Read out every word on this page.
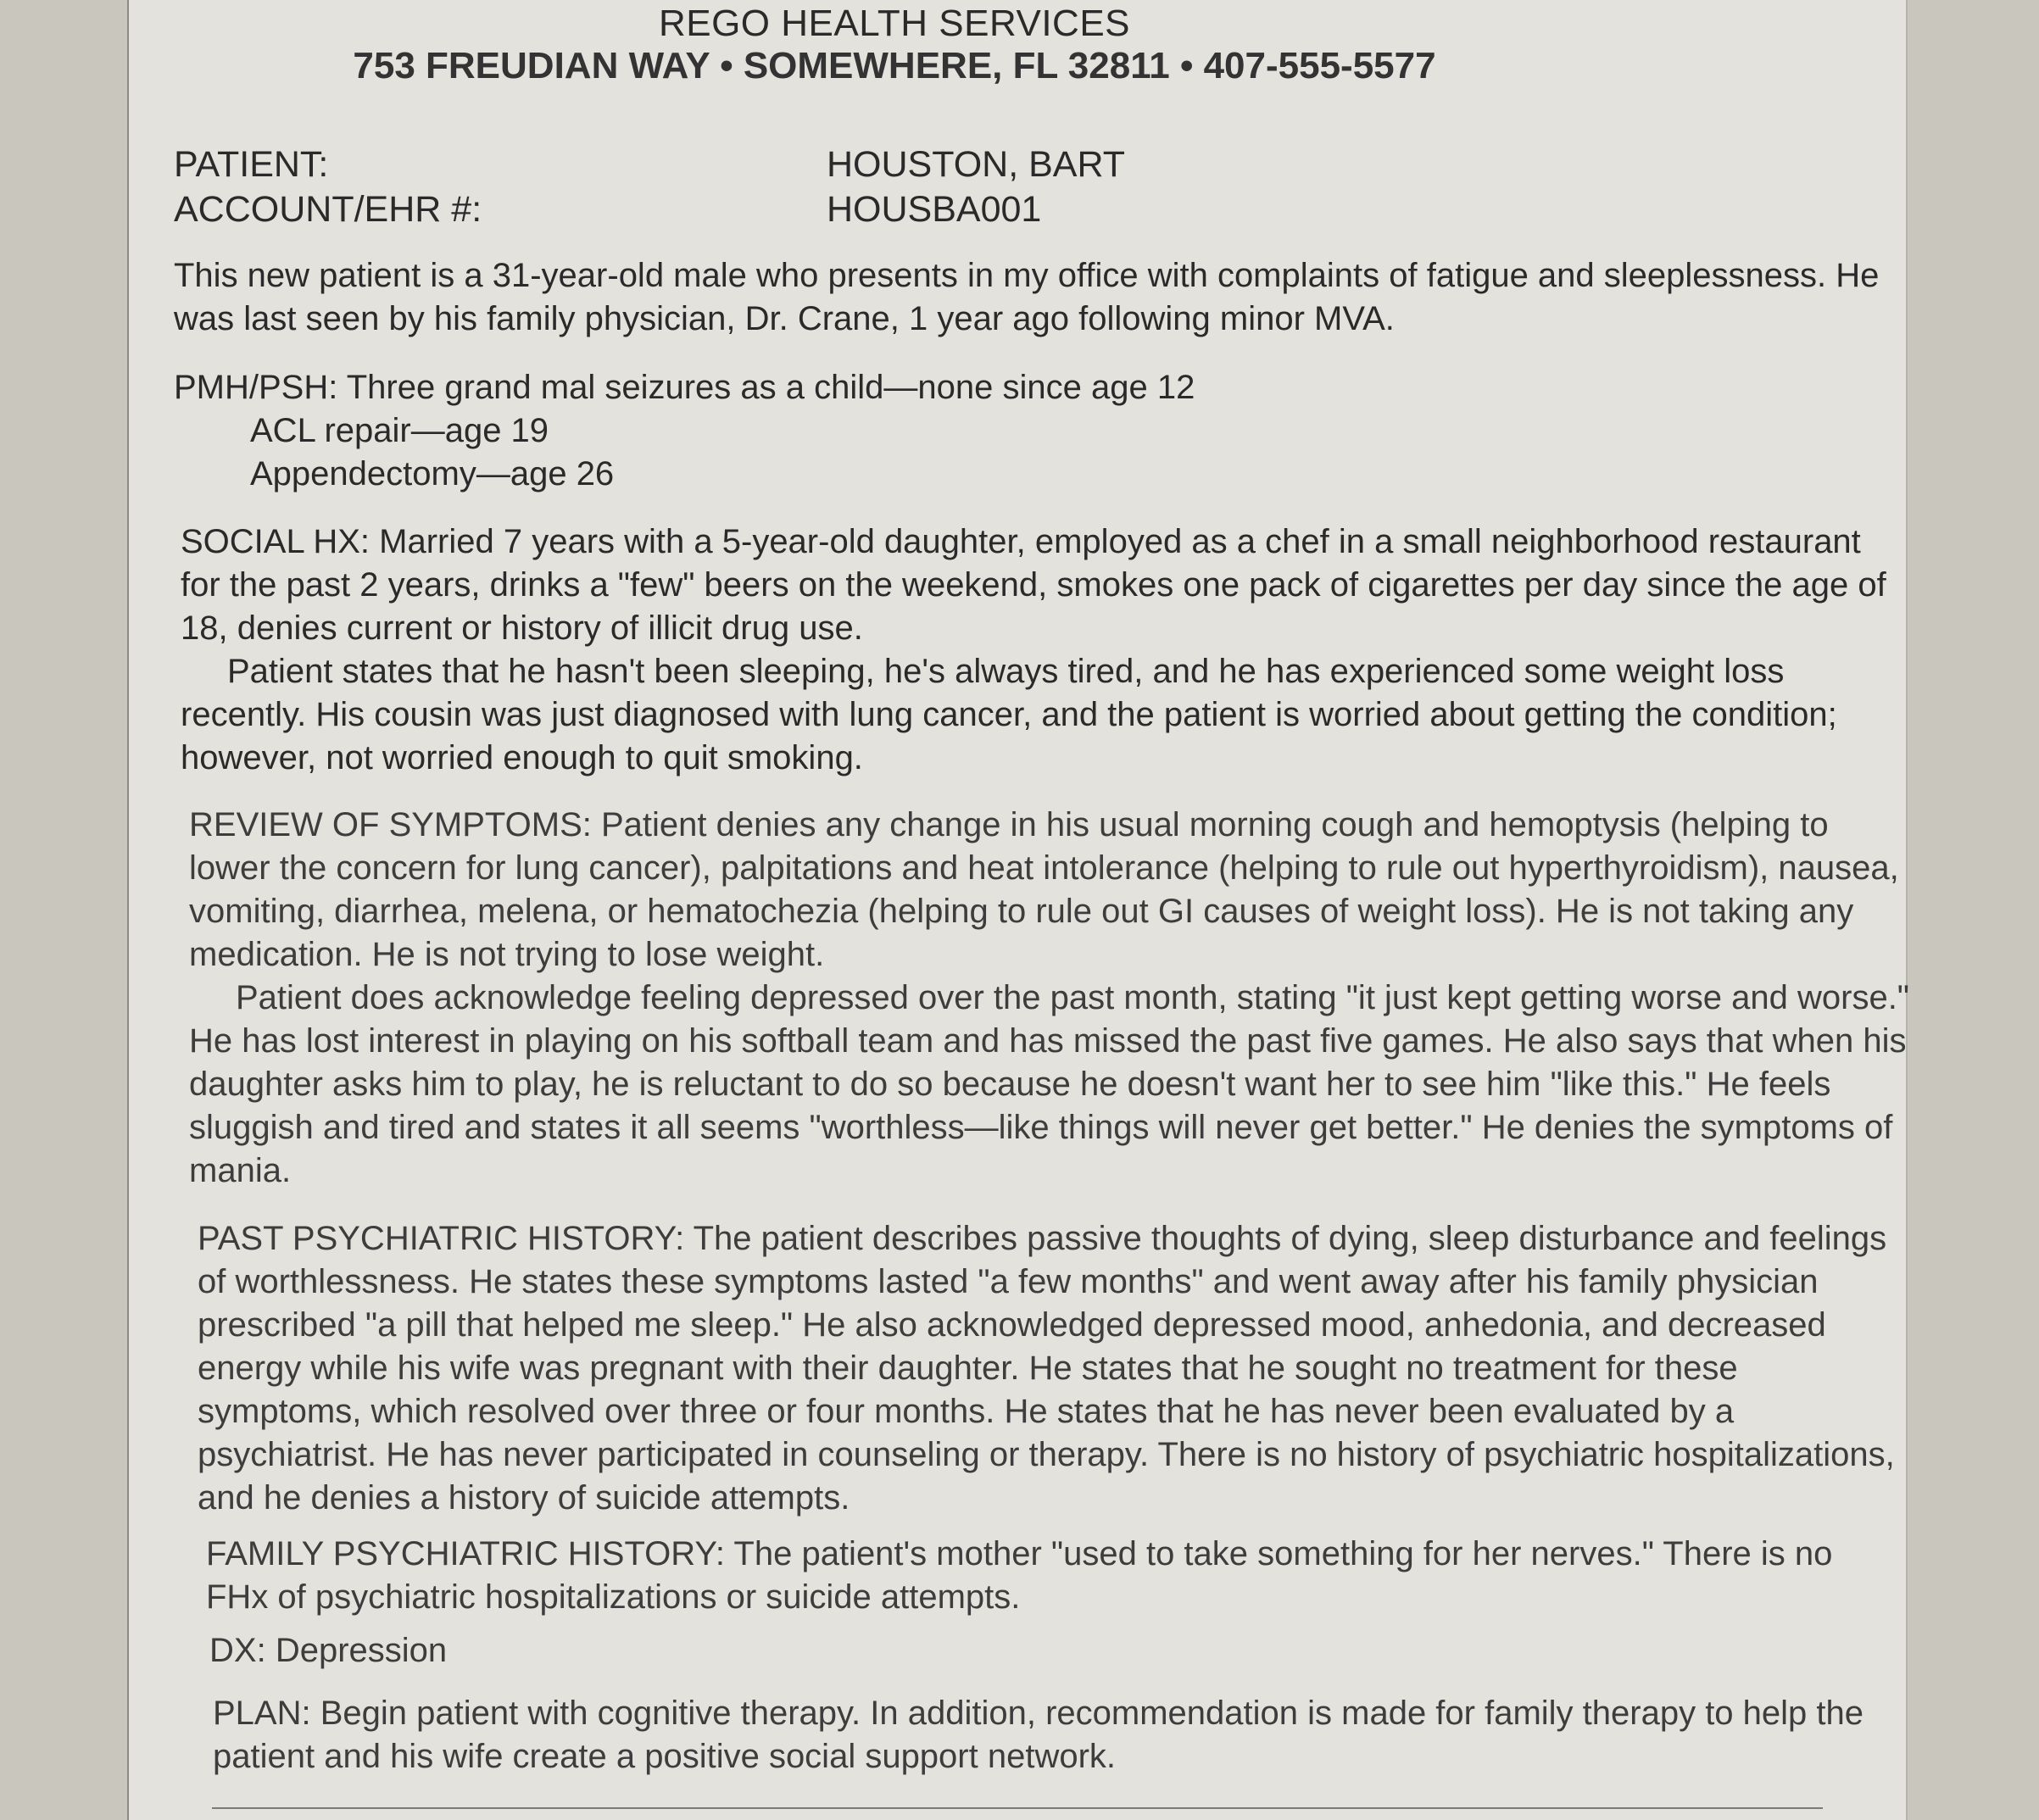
REGO HEALTH SERVICES
753 FREUDIAN WAY • SOMEWHERE, FL 32811 • 407-555-5577
PATIENT:	HOUSTON, BART
ACCOUNT/EHR #:	HOUSBA001

This new patient is a 31-year-old male who presents in my office with complaints of fatigue and sleeplessness. He was last seen by his family physician, Dr. Crane, 1 year ago following minor MVA.

PMH/PSH: Three grand mal seizures as a child—none since age 12

ACL repair—age 19

Appendectomy—age 26

SOCIAL HX: Married 7 years with a 5-year-old daughter, employed as a chef in a small neighborhood restaurant for the past 2 years, drinks a "few" beers on the weekend, smokes one pack of cigarettes per day since the age of 18, denies current or history of illicit drug use.

Patient states that he hasn't been sleeping, he's always tired, and he has experienced some weight loss recently. His cousin was just diagnosed with lung cancer, and the patient is worried about getting the condition; however, not worried enough to quit smoking.

REVIEW OF SYMPTOMS: Patient denies any change in his usual morning cough and hemoptysis (helping to lower the concern for lung cancer), palpitations and heat intolerance (helping to rule out hyperthyroidism), nausea, vomiting, diarrhea, melena, or hematochezia (helping to rule out GI causes of weight loss). He is not taking any medication. He is not trying to lose weight.

Patient does acknowledge feeling depressed over the past month, stating "it just kept getting worse and worse." He has lost interest in playing on his softball team and has missed the past five games. He also says that when his daughter asks him to play, he is reluctant to do so because he doesn't want her to see him "like this." He feels sluggish and tired and states it all seems "worthless—like things will never get better." He denies the symptoms of mania.

PAST PSYCHIATRIC HISTORY: The patient describes passive thoughts of dying, sleep disturbance and feelings of worthlessness. He states these symptoms lasted "a few months" and went away after his family physician prescribed "a pill that helped me sleep." He also acknowledged depressed mood, anhedonia, and decreased energy while his wife was pregnant with their daughter. He states that he sought no treatment for these symptoms, which resolved over three or four months. He states that he has never been evaluated by a psychiatrist. He has never participated in counseling or therapy. There is no history of psychiatric hospitalizations, and he denies a history of suicide attempts.

FAMILY PSYCHIATRIC HISTORY: The patient's mother "used to take something for her nerves." There is no FHx of psychiatric hospitalizations or suicide attempts.

DX: Depression

PLAN: Begin patient with cognitive therapy. In addition, recommendation is made for family therapy to help the patient and his wife create a positive social support network.
